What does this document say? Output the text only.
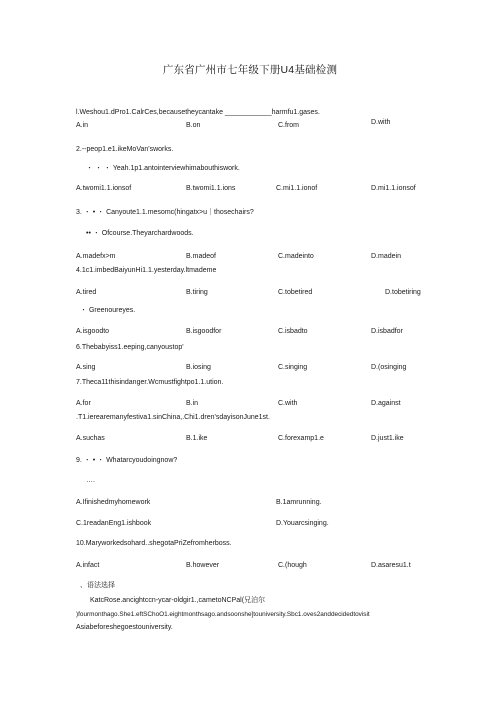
广东省广州市七年级下册U4基础检测
l.Weshou1.dPro1.CalrCes,becausetheycantake ____________harmfu1.gases.
A.in	B.on	C.from	D.with
2.--peop1.e1.ikeMoVan'sworks.
・ ・ ・ Yeah.1p1.antointerviewhimabouthiswork.
A.twomi1.1.ionsof	B.twomi1.1.ions	C.mi1.1.ionof	D.mi1.1.ionsof
3. ・ • ・ Canyoute1.1.mesomc(hingatx>u｜thosechairs?
•• ・ Ofcourse.Theyarchardwoods.
A.madefx>m	B.madeof	C.madeinto	D.madein
4.1c1.imbedBaiyunHi1.1.yesterday.ltmademe
A.tired	B.tiring	C.tobetired	D.tobetiring
・ Greenoureyes.
A.isgoodto	B.isgoodfor	C.isbadto	D.isbadfor
6.Thebabyiss1.eeping,canyoustop'
A.sing	B.iosing	C.singing	D.(osinging
7.Theca11thisindanger.Wcmustfightpo1.1.ution.
A.for	B.in	C.with	D.against
.T1.ierearemanyfestiva1.sinChina,.Chi1.dren'sdayisonJune1st.
A.suchas	B.1.ike	C.forexamp1.e	D.just1.ike
9. ・ • ・ Whatarcyoudoingnow?
….
A.Ifinishedmyhomework	B.1amrunning.
C.1readanEng1.ishbook	D.Youarcsinging.
10.Maryworkedsohard..shegotaPriZefromherboss.
A.infact	B.however	C.(hough	D.asaresu1.t
、语法选择
KatcRose.ancightccn-ycar-oldgir1.,cametoNCPal(兄泊尔
)fourmonthago.She1.eftSChoO1.eightmonthsago.andsoonshe]touniversity.Sbc1.oves2anddecidedtovisit
Asiabeforeshegoestouniversity.
